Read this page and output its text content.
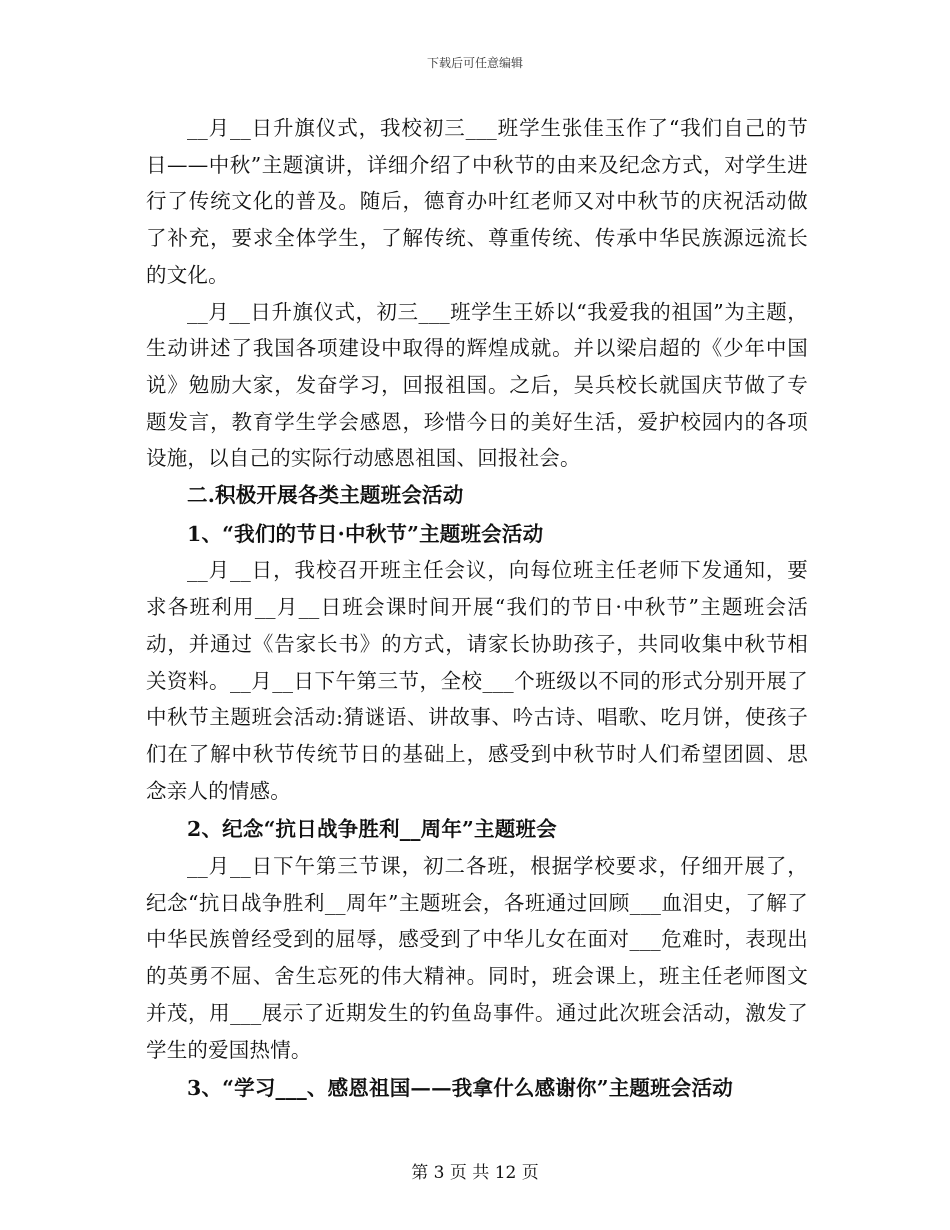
下载后可任意编辑

__月__日升旗仪式，我校初三___班学生张佳玉作了“我们自己的节日——中秋”主题演讲，详细介绍了中秋节的由来及纪念方式，对学生进行了传统文化的普及。随后，德育办叶红老师又对中秋节的庆祝活动做了补充，要求全体学生，了解传统、尊重传统、传承中华民族源远流长的文化。

__月__日升旗仪式，初三___班学生王娇以“我爱我的祖国”为主题，生动讲述了我国各项建设中取得的辉煌成就。并以梁启超的《少年中国说》勉励大家，发奋学习，回报祖国。之后，吴兵校长就国庆节做了专题发言，教育学生学会感恩，珍惜今日的美好生活，爱护校园内的各项设施，以自己的实际行动感恩祖国、回报社会。

二.积极开展各类主题班会活动

1、“我们的节日·中秋节”主题班会活动

__月__日，我校召开班主任会议，向每位班主任老师下发通知，要求各班利用__月__日班会课时间开展“我们的节日·中秋节”主题班会活动，并通过《告家长书》的方式，请家长协助孩子，共同收集中秋节相关资料。__月__日下午第三节，全校___个班级以不同的形式分别开展了中秋节主题班会活动:猜谜语、讲故事、吟古诗、唱歌、吃月饼，使孩子们在了解中秋节传统节日的基础上，感受到中秋节时人们希望团圆、思念亲人的情感。

2、纪念“抗日战争胜利__周年”主题班会

__月__日下午第三节课，初二各班，根据学校要求，仔细开展了，纪念“抗日战争胜利__周年”主题班会，各班通过回顾___血泪史，了解了中华民族曾经受到的屈辱，感受到了中华儿女在面对___危难时，表现出的英勇不屈、舍生忘死的伟大精神。同时，班会课上，班主任老师图文并茂，用___展示了近期发生的钓鱼岛事件。通过此次班会活动，激发了学生的爱国热情。

3、“学习___、感恩祖国——我拿什么感谢你”主题班会活动

第 3 页 共 12 页
